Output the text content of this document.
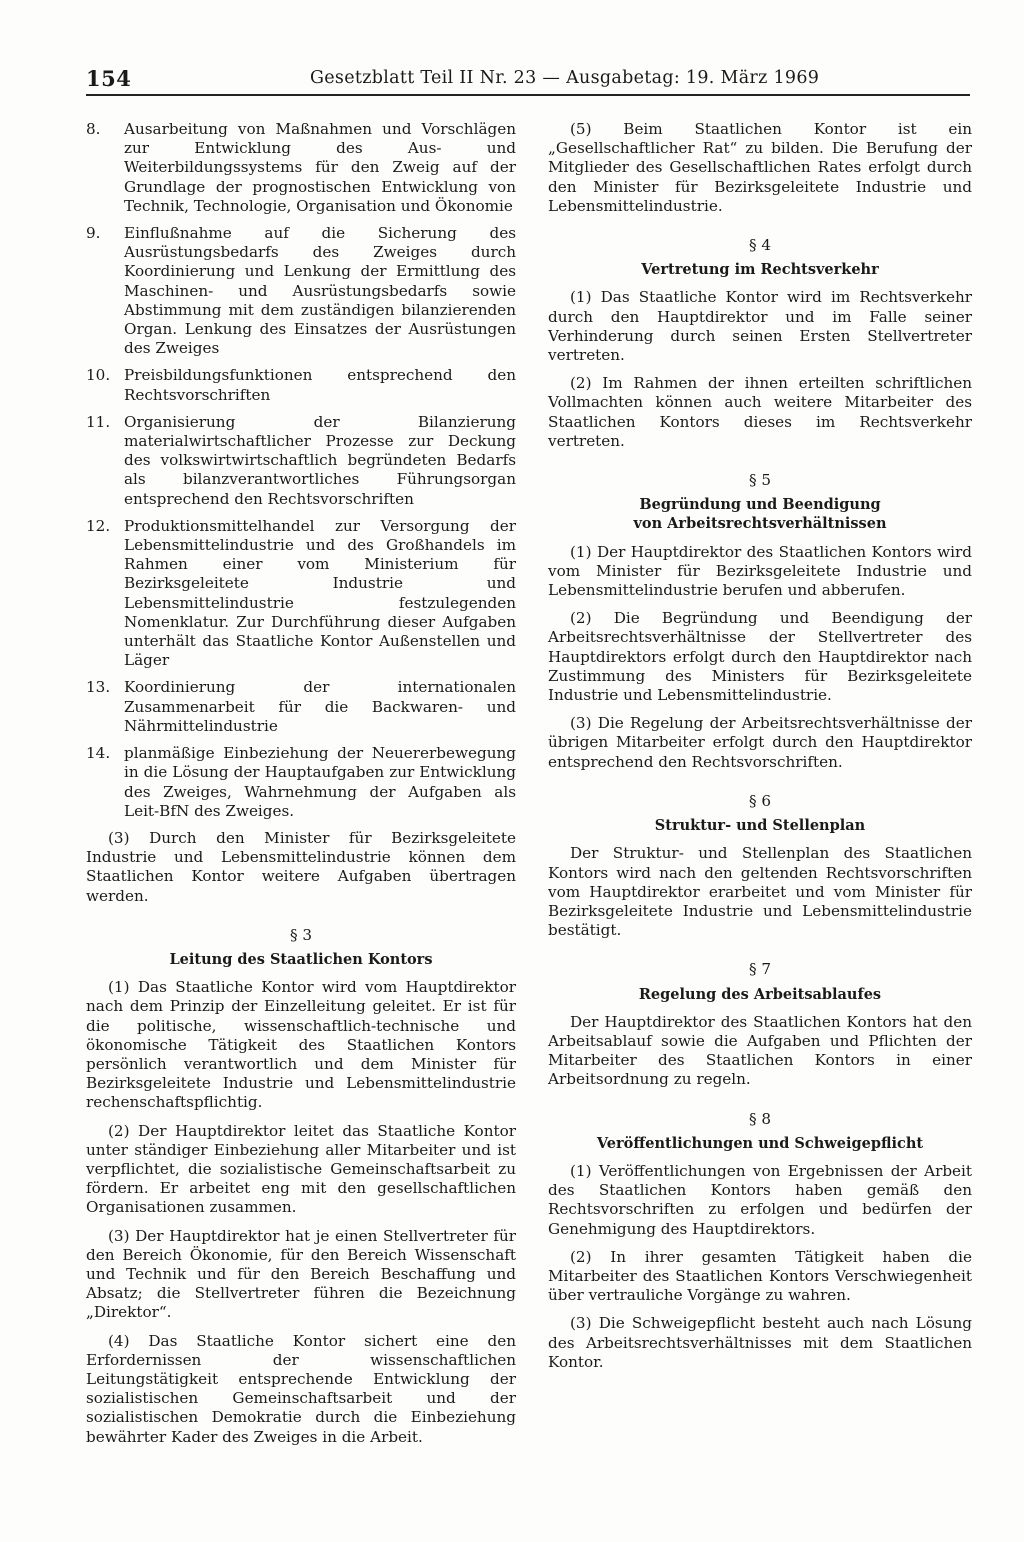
154	Gesetzblatt Teil II Nr. 23 — Ausgabetag: 19. März 1969
8.	Ausarbeitung von Maßnahmen und Vorschlägen zur Entwicklung des Aus- und Weiterbildungssystems für den Zweig auf der Grundlage der prognostischen Entwicklung von Technik, Technologie, Organisation und Ökonomie
9.	Einflußnahme auf die Sicherung des Ausrüstungsbedarfs des Zweiges durch Koordinierung und Lenkung der Ermittlung des Maschinen- und Ausrüstungsbedarfs sowie Abstimmung mit dem zuständigen bilanzierenden Organ. Lenkung des Einsatzes der Ausrüstungen des Zweiges
10. Preisbildungsfunktionen entsprechend den Rechtsvorschriften
11. Organisierung der Bilanzierung materialwirtschaftlicher Prozesse zur Deckung des volkswirtwirtschaftlich begründeten Bedarfs als bilanzverantwortliches Führungsorgan entsprechend den Rechtsvorschriften
12. Produktionsmittelhandel zur Versorgung der Lebensmittelindustrie und des Großhandels im Rahmen einer vom Ministerium für Bezirksgeleitete Industrie und Lebensmittelindustrie festzulegenden Nomenklatur. Zur Durchführung dieser Aufgaben unterhält das Staatliche Kontor Außenstellen und Läger
13. Koordinierung der internationalen Zusammenarbeit für die Backwaren- und Nährmittelindustrie
14. planmäßige Einbeziehung der Neuererbewegung in die Lösung der Hauptaufgaben zur Entwicklung des Zweiges, Wahrnehmung der Aufgaben als Leit-BfN des Zweiges.

(3) Durch den Minister für Bezirksgeleitete Industrie und Lebensmittelindustrie können dem Staatlichen Kontor weitere Aufgaben übertragen werden.

§ 3
Leitung des Staatlichen Kontors

(1) Das Staatliche Kontor wird vom Hauptdirektor nach dem Prinzip der Einzelleitung geleitet. Er ist für die politische, wissenschaftlich-technische und ökonomische Tätigkeit des Staatlichen Kontors persönlich verantwortlich und dem Minister für Bezirksgeleitete Industrie und Lebensmittelindustrie rechenschaftspflichtig.

(2) Der Hauptdirektor leitet das Staatliche Kontor unter ständiger Einbeziehung aller Mitarbeiter und ist verpflichtet, die sozialistische Gemeinschaftsarbeit zu fördern. Er arbeitet eng mit den gesellschaftlichen Organisationen zusammen.

(3) Der Hauptdirektor hat je einen Stellvertreter für den Bereich Ökonomie, für den Bereich Wissenschaft und Technik und für den Bereich Beschaffung und Absatz; die Stellvertreter führen die Bezeichnung „Direktor“.

(4) Das Staatliche Kontor sichert eine den Erfordernissen der wissenschaftlichen Leitungstätigkeit entsprechende Entwicklung der sozialistischen Gemeinschaftsarbeit und der sozialistischen Demokratie durch die Einbeziehung bewährter Kader des Zweiges in die Arbeit.

(5) Beim Staatlichen Kontor ist ein „Gesellschaftlicher Rat“ zu bilden. Die Berufung der Mitglieder des Gesellschaftlichen Rates erfolgt durch den Minister für Bezirksgeleitete Industrie und Lebensmittelindustrie.

§ 4
Vertretung im Rechtsverkehr

(1) Das Staatliche Kontor wird im Rechtsverkehr durch den Hauptdirektor und im Falle seiner Verhinderung durch seinen Ersten Stellvertreter vertreten.

(2) Im Rahmen der ihnen erteilten schriftlichen Vollmachten können auch weitere Mitarbeiter des Staatlichen Kontors dieses im Rechtsverkehr vertreten.

§ 5
Begründung und Beendigung
von Arbeitsrechtsverhältnissen

(1) Der Hauptdirektor des Staatlichen Kontors wird vom Minister für Bezirksgeleitete Industrie und Lebensmittelindustrie berufen und abberufen.

(2) Die Begründung und Beendigung der Arbeitsrechtsverhältnisse der Stellvertreter des Hauptdirektors erfolgt durch den Hauptdirektor nach Zustimmung des Ministers für Bezirksgeleitete Industrie und Lebensmittelindustrie.

(3) Die Regelung der Arbeitsrechtsverhältnisse der übrigen Mitarbeiter erfolgt durch den Hauptdirektor entsprechend den Rechtsvorschriften.

§ 6
Struktur- und Stellenplan

Der Struktur- und Stellenplan des Staatlichen Kontors wird nach den geltenden Rechtsvorschriften vom Hauptdirektor erarbeitet und vom Minister für Bezirksgeleitete Industrie und Lebensmittelindustrie bestätigt.

§ 7
Regelung des Arbeitsablaufes

Der Hauptdirektor des Staatlichen Kontors hat den Arbeitsablauf sowie die Aufgaben und Pflichten der Mitarbeiter des Staatlichen Kontors in einer Arbeitsordnung zu regeln.

§ 8
Veröffentlichungen und Schweigepflicht

(1) Veröffentlichungen von Ergebnissen der Arbeit des Staatlichen Kontors haben gemäß den Rechtsvorschriften zu erfolgen und bedürfen der Genehmigung des Hauptdirektors.

(2) In ihrer gesamten Tätigkeit haben die Mitarbeiter des Staatlichen Kontors Verschwiegenheit über vertrauliche Vorgänge zu wahren.

(3) Die Schweigepflicht besteht auch nach Lösung des Arbeitsrechtsverhältnisses mit dem Staatlichen Kontor.
